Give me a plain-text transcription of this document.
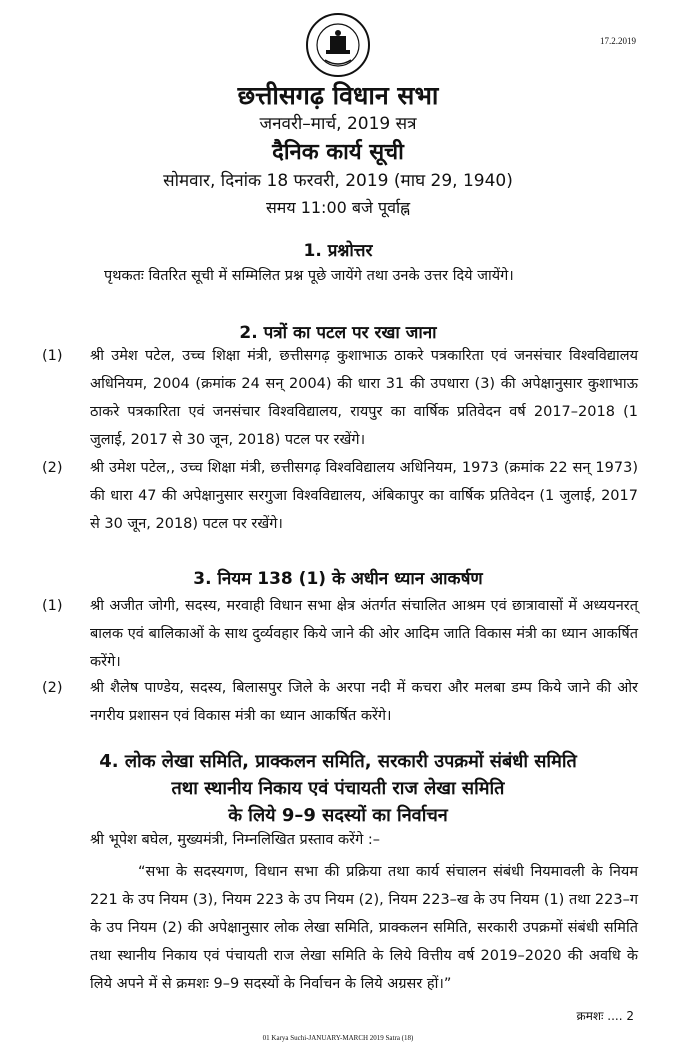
17.2.2019
छत्तीसगढ़ विधान सभा
जनवरी–मार्च, 2019 सत्र
दैनिक कार्य सूची
सोमवार, दिनांक 18 फरवरी, 2019 (माघ 29, 1940)
समय 11:00 बजे पूर्वाह्न
1. प्रश्नोत्तर
पृथकतः वितरित सूची में सम्मिलित प्रश्न पूछे जायेंगे तथा उनके उत्तर दिये जायेंगे।
2. पत्रों का पटल पर रखा जाना
(1) श्री उमेश पटेल, उच्च शिक्षा मंत्री, छत्तीसगढ़ कुशाभाऊ ठाकरे पत्रकारिता एवं जनसंचार विश्वविद्यालय अधिनियम, 2004 (क्रमांक 24 सन् 2004) की धारा 31 की उपधारा (3) की अपेक्षानुसार कुशाभाऊ ठाकरे पत्रकारिता एवं जनसंचार विश्वविद्यालय, रायपुर का वार्षिक प्रतिवेदन वर्ष 2017–2018 (1 जुलाई, 2017 से 30 जून, 2018) पटल पर रखेंगे।
(2) श्री उमेश पटेल,, उच्च शिक्षा मंत्री, छत्तीसगढ़ विश्वविद्यालय अधिनियम, 1973 (क्रमांक 22 सन् 1973) की धारा 47 की अपेक्षानुसार सरगुजा विश्वविद्यालय, अंबिकापुर का वार्षिक प्रतिवेदन (1 जुलाई, 2017 से 30 जून, 2018) पटल पर रखेंगे।
3. नियम 138 (1) के अधीन ध्यान आकर्षण
(1) श्री अजीत जोगी, सदस्य, मरवाही विधान सभा क्षेत्र अंतर्गत संचालित आश्रम एवं छात्रावासों में अध्ययनरत् बालक एवं बालिकाओं के साथ दुर्व्यवहार किये जाने की ओर आदिम जाति विकास मंत्री का ध्यान आकर्षित करेंगे।
(2) श्री शैलेष पाण्डेय, सदस्य, बिलासपुर जिले के अरपा नदी में कचरा और मलबा डम्प किये जाने की ओर नगरीय प्रशासन एवं विकास मंत्री का ध्यान आकर्षित करेंगे।
4. लोक लेखा समिति, प्राक्कलन समिति, सरकारी उपक्रमों संबंधी समिति
तथा स्थानीय निकाय एवं पंचायती राज लेखा समिति
के लिये 9–9 सदस्यों का निर्वाचन
श्री भूपेश बघेल, मुख्यमंत्री, निम्नलिखित प्रस्ताव करेंगे :–
“सभा के सदस्यगण, विधान सभा की प्रक्रिया तथा कार्य संचालन संबंधी नियमावली के नियम 221 के उप नियम (3), नियम 223 के उप नियम (2), नियम 223–ख के उप नियम (1) तथा 223–ग के उप नियम (2) की अपेक्षानुसार लोक लेखा समिति, प्राक्कलन समिति, सरकारी उपक्रमों संबंधी समिति तथा स्थानीय निकाय एवं पंचायती राज लेखा समिति के लिये वित्तीय वर्ष 2019–2020 की अवधि के लिये अपने में से क्रमशः 9–9 सदस्यों के निर्वाचन के लिये अग्रसर हों।”
क्रमशः .... 2
01 Karya Suchi-JANUARY-MARCH 2019 Satra (18)
